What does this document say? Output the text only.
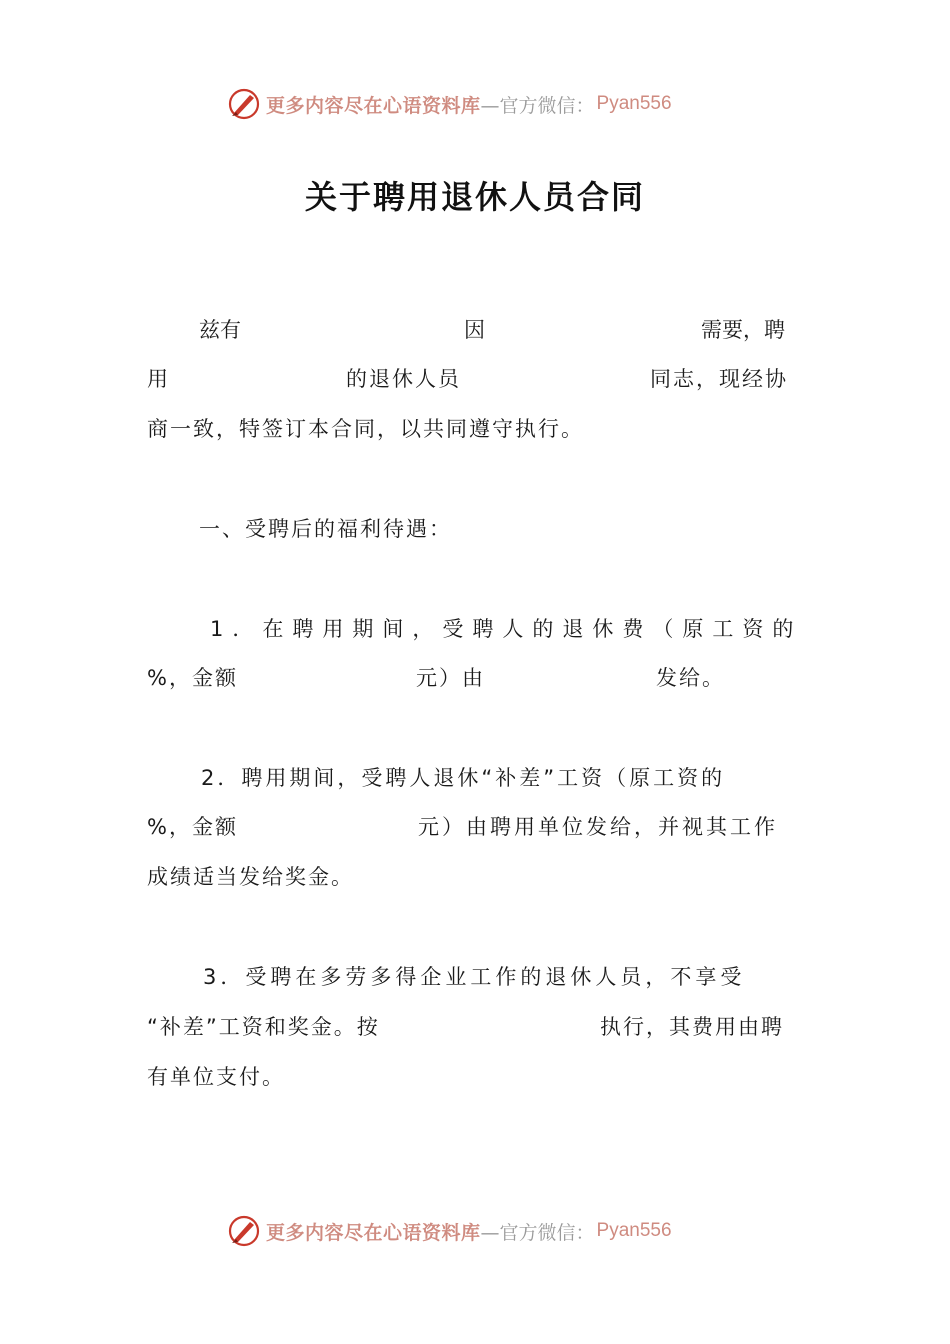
更多内容尽在心语资料库 —官方微信： Pyan556
关于聘用退休人员合同
兹有	因	需要，聘
用	的退休人员	同志，现经协
商一致，特签订本合同，以共同遵守执行。
一、受聘后的福利待遇：
1．在聘用期间，受聘人的退休费（原工资的
%，金额	元）由	发给。
2．聘用期间，受聘人退休“补差”工资（原工资的
%，金额	元）由聘用单位发给，并视其工作
成绩适当发给奖金。
3．受聘在多劳多得企业工作的退休人员，不享受
“补差”工资和奖金。按	执行，其费用由聘
有单位支付。
更多内容尽在心语资料库 —官方微信： Pyan556
